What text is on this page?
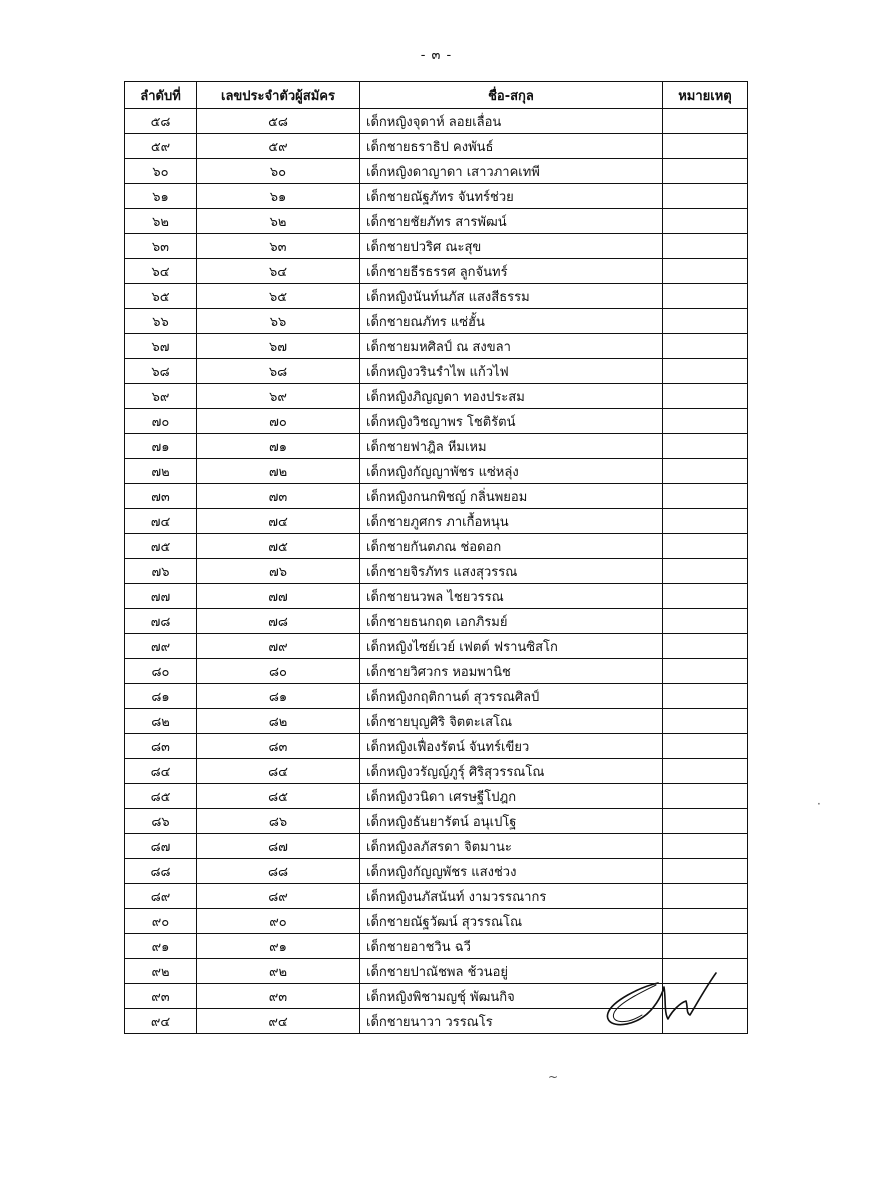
- ๓ -
ลำดับที่	เลขประจำตัวผู้สมัคร	ชื่อ-สกุล	หมายเหตุ
๕๘	๕๘	เด็กหญิงจุดาห์ ลอยเลื่อน	
๕๙	๕๙	เด็กชายธราธิป คงพันธ์	
๖๐	๖๐	เด็กหญิงดาญาดา เสาวภาคเทพี	
๖๑	๖๑	เด็กชายณัฐภัทร จันทร์ช่วย	
๖๒	๖๒	เด็กชายชัยภัทร สารพัฒน์	
๖๓	๖๓	เด็กชายปวริศ ณะสุข	
๖๔	๖๔	เด็กชายธีรธรรศ ลูกจันทร์	
๖๕	๖๕	เด็กหญิงนันท์นภัส แสงสีธรรม	
๖๖	๖๖	เด็กชายณภัทร แซ่ฮั้น	
๖๗	๖๗	เด็กชายมหศิลป์ ณ สงขลา	
๖๘	๖๘	เด็กหญิงวรินรำไพ แก้วไฟ	
๖๙	๖๙	เด็กหญิงภิญญดา ทองประสม	
๗๐	๗๐	เด็กหญิงวิชญาพร โชติรัตน์	
๗๑	๗๑	เด็กชายฟาฎิล หีมเหม	
๗๒	๗๒	เด็กหญิงกัญญาพัชร แซ่หลุ่ง	
๗๓	๗๓	เด็กหญิงกนกพิชญ์ กลิ่นพยอม	
๗๔	๗๔	เด็กชายภูศกร ภาเกื้อหนุน	
๗๕	๗๕	เด็กชายกันตภณ ช่อดอก	
๗๖	๗๖	เด็กชายจิรภัทร แสงสุวรรณ	
๗๗	๗๗	เด็กชายนวพล ไชยวรรณ	
๗๘	๗๘	เด็กชายธนกฤต เอกภิรมย์	
๗๙	๗๙	เด็กหญิงไซย์เวย์ เฟตต์ ฟรานซิสโก	
๘๐	๘๐	เด็กชายวิศวกร หอมพานิช	
๘๑	๘๑	เด็กหญิงกฤติกานต์ สุวรรณศิลป์	
๘๒	๘๒	เด็กชายบุญศิริ จิตตะเสโณ	
๘๓	๘๓	เด็กหญิงเฟื่องรัตน์ จันทร์เขียว	
๘๔	๘๔	เด็กหญิงวรัญญ์ภูรุ์ ศิริสุวรรณโณ	
๘๕	๘๕	เด็กหญิงวนิดา เศรษฐีโปฎก	
๘๖	๘๖	เด็กหญิงธันยารัตน์ อนุเปโฐ	
๘๗	๘๗	เด็กหญิงลภัสรดา จิตมานะ	
๘๘	๘๘	เด็กหญิงกัญญพัชร แสงช่วง	
๘๙	๘๙	เด็กหญิงนภัสนันท์ งามวรรณากร	
๙๐	๙๐	เด็กชายณัฐวัฒน์ สุวรรณโณ	
๙๑	๙๑	เด็กชายอาชวิน ฉวี	
๙๒	๙๒	เด็กชายปาณัชพล ช้วนอยู่	
๙๓	๙๓	เด็กหญิงพิชามญชุ์ พัฒนกิจ	
๙๔	๙๔	เด็กชายนาวา วรรณโร	
~
·
